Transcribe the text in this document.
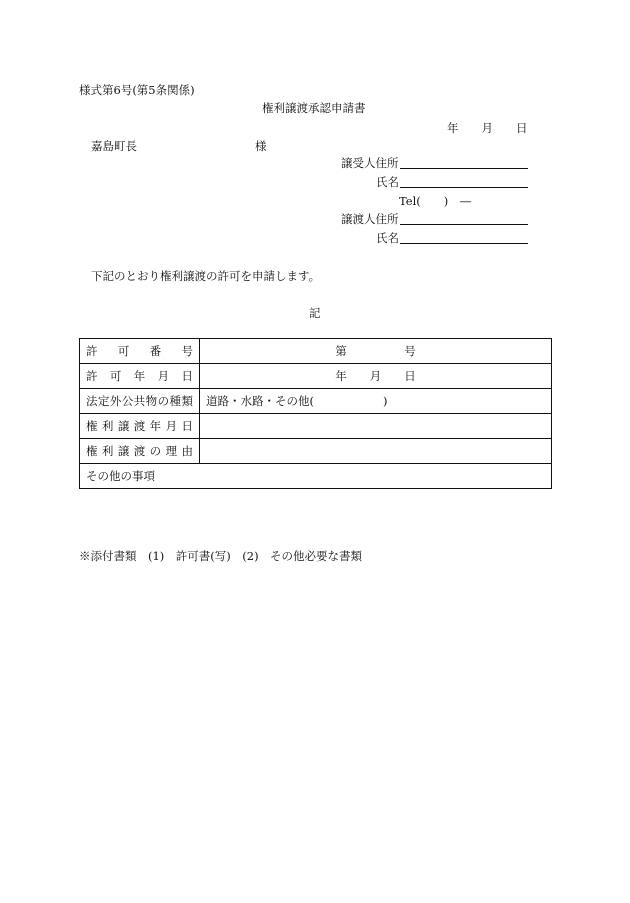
様式第6号(第5条関係)
権利譲渡承認申請書
年　　月　　日
嘉島町長	様
譲受人住所
氏名
Tel(　　)　―
譲渡人住所
氏名
下記のとおり権利譲渡の許可を申請します。
記
許可番号	第　　　　　号
許可年月日	年　　月　　日
法定外公共物の種類	道路・水路・その他(　　　　　　)
権利譲渡年月日	
権利譲渡の理由	
その他の事項	
※添付書類　(1)　許可書(写)　(2)　その他必要な書類
